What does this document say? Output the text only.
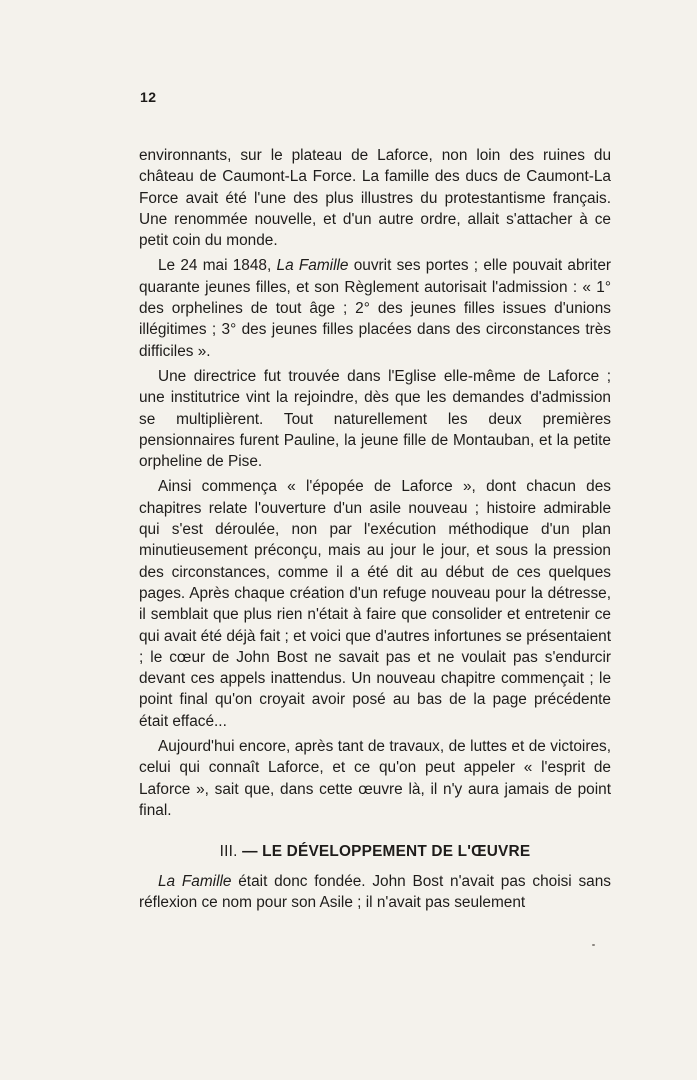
12

environnants, sur le plateau de Laforce, non loin des ruines du château de Caumont-La Force. La famille des ducs de Caumont-La Force avait été l'une des plus illustres du protestantisme français. Une renommée nouvelle, et d'un autre ordre, allait s'attacher à ce petit coin du monde.

Le 24 mai 1848, La Famille ouvrit ses portes ; elle pouvait abriter quarante jeunes filles, et son Règlement autorisait l'admission : « 1° des orphelines de tout âge ; 2° des jeunes filles issues d'unions illégitimes ; 3° des jeunes filles placées dans des circonstances très difficiles ».

Une directrice fut trouvée dans l'Eglise elle-même de Laforce ; une institutrice vint la rejoindre, dès que les demandes d'admission se multiplièrent. Tout naturellement les deux premières pensionnaires furent Pauline, la jeune fille de Montauban, et la petite orpheline de Pise.

Ainsi commença « l'épopée de Laforce », dont chacun des chapitres relate l'ouverture d'un asile nouveau ; histoire admirable qui s'est déroulée, non par l'exécution méthodique d'un plan minutieusement préconçu, mais au jour le jour, et sous la pression des circonstances, comme il a été dit au début de ces quelques pages. Après chaque création d'un refuge nouveau pour la détresse, il semblait que plus rien n'était à faire que consolider et entretenir ce qui avait été déjà fait ; et voici que d'autres infortunes se présentaient ; le cœur de John Bost ne savait pas et ne voulait pas s'endurcir devant ces appels inattendus. Un nouveau chapitre commençait ; le point final qu'on croyait avoir posé au bas de la page précédente était effacé...

Aujourd'hui encore, après tant de travaux, de luttes et de victoires, celui qui connaît Laforce, et ce qu'on peut appeler « l'esprit de Laforce », sait que, dans cette œuvre là, il n'y aura jamais de point final.

III. — LE DÉVELOPPEMENT DE L'ŒUVRE

La Famille était donc fondée. John Bost n'avait pas choisi sans réflexion ce nom pour son Asile ; il n'avait pas seulement
